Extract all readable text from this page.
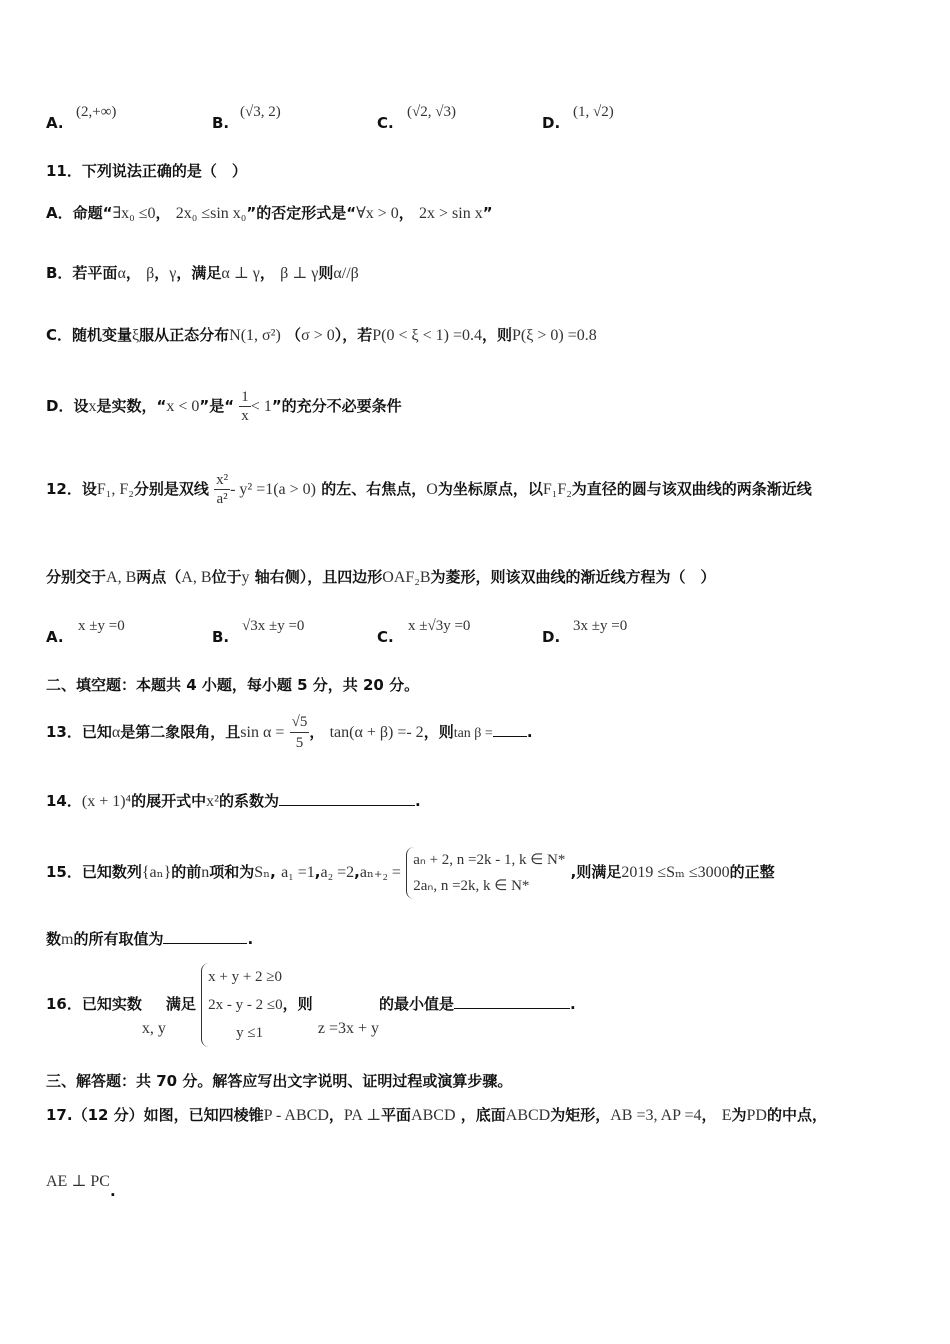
A.
(2,+∞)
B.
(√3, 2)
C.
(√2, √3)
D.
(1, √2)
11．下列说法正确的是（　）
A．命题“∃x₀ ≤0， 2x₀ ≤sin x₀”的否定形式是“∀x > 0， 2x > sin x”
B．若平面α， β，γ，满足α ⊥ γ， β ⊥ γ则α//β
C．随机变量ξ服从正态分布N(1, σ²) （σ > 0），若P(0 < ξ < 1) =0.4，则P(ξ > 0) =0.8
D．设x是实数，“x < 0”是“ $\frac{1}{x} < 1$”的充分不必要条件
12．设F₁, F₂分别是双线 $\frac{\text{x²}}{\text{a²}} - y^2 =1(a > 0)$ 的左、右焦点，O为坐标原点，以F₁F₂为直径的圆与该双曲线的两条渐近线
分别交于A, B两点（A, B位于y 轴右侧），且四边形OAF₂B为菱形，则该双曲线的渐近线方程为（　）
A.
x ±y =0
B.
√3x ±y =0
C.
x ±√3y =0
D.
3x ±y =0
二、填空题：本题共 4 小题，每小题 5 分，共 20 分。
13．已知α是第二象限角，且$\sin \alpha = \frac{√5}{5}$ ， tan(α + β) =- 2，则tan β = .
14．(x + 1)⁴的展开式中x²的系数为	.
15．已知数列{aₙ}的前n项和为Sₙ, a₁ =1,a₂ =2,aₙ₊₂ =
aₙ + 2, n =2k - 1, k ∈ N*
2aₙ, n =2k, k ∈ N*
,则满足2019 ≤Sₘ ≤3000的正整
数m的所有取值为	.
16．已知实数x, y满足
x + y + 2 ≥0
2x - y - 2 ≤0
y ≤1
，则 z =3x + y的最小值是	.
三、解答题：共 70 分。解答应写出文字说明、证明过程或演算步骤。
17.（12 分）如图，已知四棱锥P - ABCD，PA ⊥平面ABCD ，底面ABCD为矩形，AB =3, AP =4， E为PD的中点，
AE ⊥ PC.
